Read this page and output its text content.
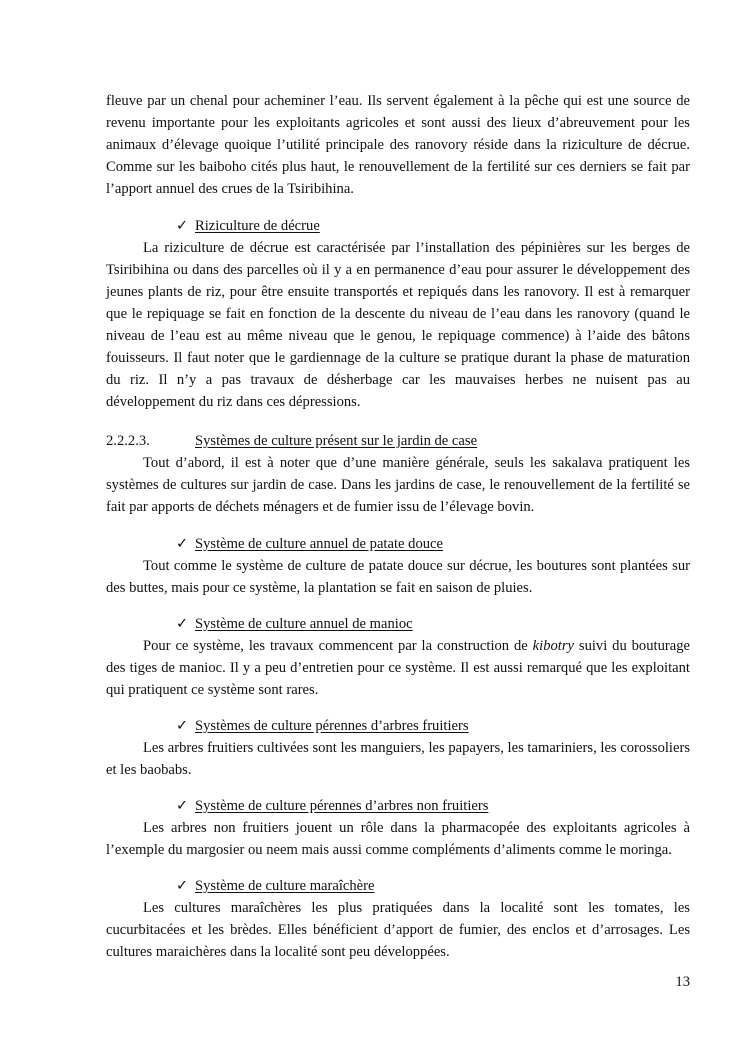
fleuve par un chenal pour acheminer l’eau. Ils servent également à la pêche qui est une source de revenu importante pour les exploitants agricoles et sont aussi des lieux d’abreuvement pour les animaux d’élevage quoique l’utilité principale des ranovory réside dans la riziculture de décrue. Comme sur les baiboho cités plus haut, le renouvellement de la fertilité sur ces derniers se fait par l’apport annuel des crues de la Tsiribihina.
✓ Riziculture de décrue
La riziculture de décrue est caractérisée par l’installation des pépinières sur les berges de Tsiribihina ou dans des parcelles où il y a en permanence d’eau pour assurer le développement des jeunes plants de riz, pour être ensuite transportés et repiqués dans les ranovory. Il est à remarquer que le repiquage se fait en fonction de la descente du niveau de l’eau dans les ranovory (quand le niveau de l’eau est au même niveau que le genou, le repiquage commence) à l’aide des bâtons fouisseurs. Il faut noter que le gardiennage de la culture se pratique durant la phase de maturation du riz. Il n’y a pas travaux de désherbage car les mauvaises herbes ne nuisent pas au développement du riz dans ces dépressions.
2.2.2.3.	Systèmes de culture présent sur le jardin de case
Tout d’abord, il est à noter que d’une manière générale, seuls les sakalava pratiquent les systèmes de cultures sur jardin de case. Dans les jardins de case, le renouvellement de la fertilité se fait par apports de déchets ménagers et de fumier issu de l’élevage bovin.
✓ Système de culture annuel de patate douce
Tout comme le système de culture de patate douce sur décrue, les boutures sont plantées sur des buttes, mais pour ce système, la plantation se fait en saison de pluies.
✓ Système de culture annuel de manioc
Pour ce système, les travaux commencent par la construction de kibotry suivi du bouturage des tiges de manioc. Il y a peu d’entretien pour ce système. Il est aussi remarqué que les exploitant qui pratiquent ce système sont rares.
✓ Systèmes de culture pérennes d’arbres fruitiers
Les arbres fruitiers cultivées sont les manguiers, les papayers, les tamariniers, les corossoliers et les baobabs.
✓ Système de culture pérennes d’arbres non fruitiers
Les arbres non fruitiers jouent un rôle dans la pharmacopée des exploitants agricoles à l’exemple du margosier ou neem mais aussi comme compléments d’aliments comme le moringa.
✓ Système de culture maraîchère
Les cultures maraîchères les plus pratiquées dans la localité sont les tomates, les cucurbitacées et les brèdes. Elles bénéficient d’apport de fumier, des enclos et d’arrosages. Les cultures maraichères dans la localité sont peu développées.
13
